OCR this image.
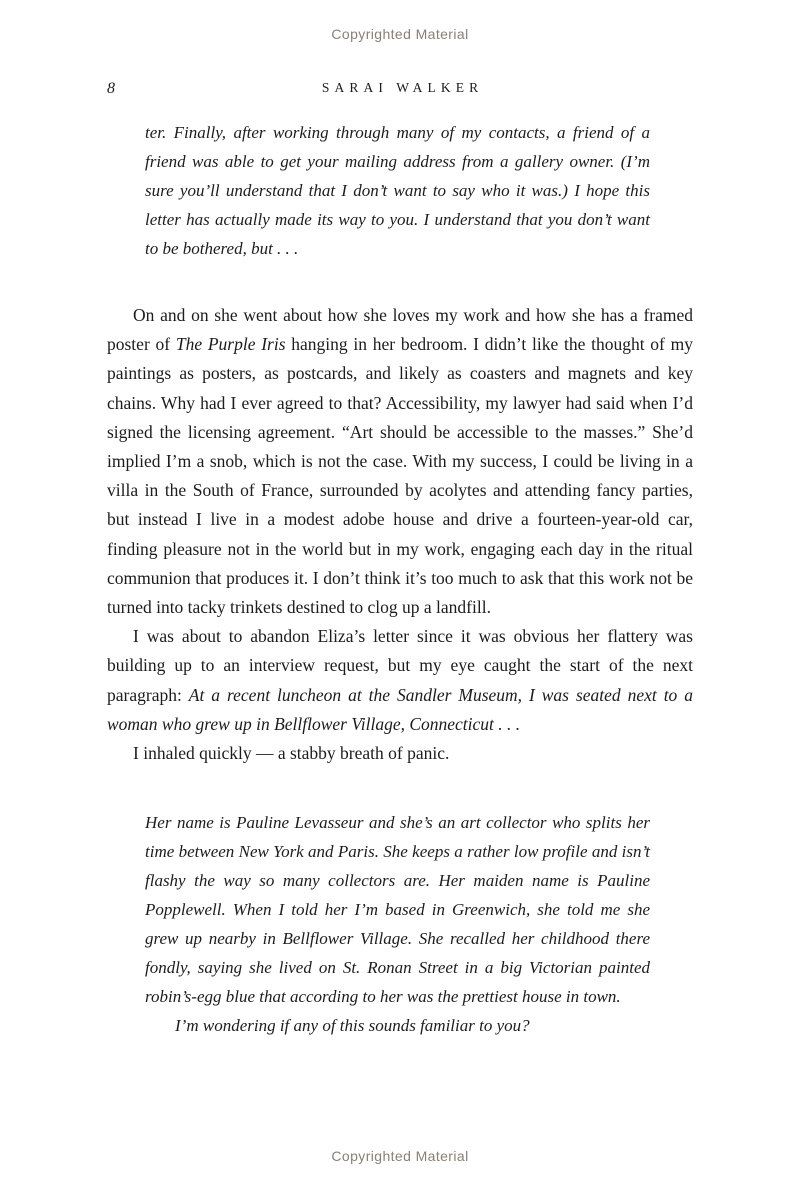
Copyrighted Material
8	SARAI WALKER

ter. Finally, after working through many of my contacts, a friend of a friend was able to get your mailing address from a gallery owner. (I’m sure you’ll understand that I don’t want to say who it was.) I hope this letter has actually made its way to you. I understand that you don’t want to be bothered, but . . .

On and on she went about how she loves my work and how she has a framed poster of The Purple Iris hanging in her bedroom. I didn’t like the thought of my paintings as posters, as postcards, and likely as coasters and magnets and key chains. Why had I ever agreed to that? Accessibility, my lawyer had said when I’d signed the licensing agreement. “Art should be accessible to the masses.” She’d implied I’m a snob, which is not the case. With my success, I could be living in a villa in the South of France, surrounded by acolytes and attending fancy parties, but instead I live in a modest adobe house and drive a fourteen-year-old car, finding pleasure not in the world but in my work, engaging each day in the ritual communion that produces it. I don’t think it’s too much to ask that this work not be turned into tacky trinkets destined to clog up a landfill.

I was about to abandon Eliza’s letter since it was obvious her flattery was building up to an interview request, but my eye caught the start of the next paragraph: At a recent luncheon at the Sandler Museum, I was seated next to a woman who grew up in Bellflower Village, Connecticut . . .

I inhaled quickly — a stabby breath of panic.

Her name is Pauline Levasseur and she’s an art collector who splits her time between New York and Paris. She keeps a rather low profile and isn’t flashy the way so many collectors are. Her maiden name is Pauline Popplewell. When I told her I’m based in Greenwich, she told me she grew up nearby in Bellflower Village. She recalled her childhood there fondly, saying she lived on St. Ronan Street in a big Victorian painted robin’s-egg blue that according to her was the prettiest house in town.

I’m wondering if any of this sounds familiar to you?

Copyrighted Material
